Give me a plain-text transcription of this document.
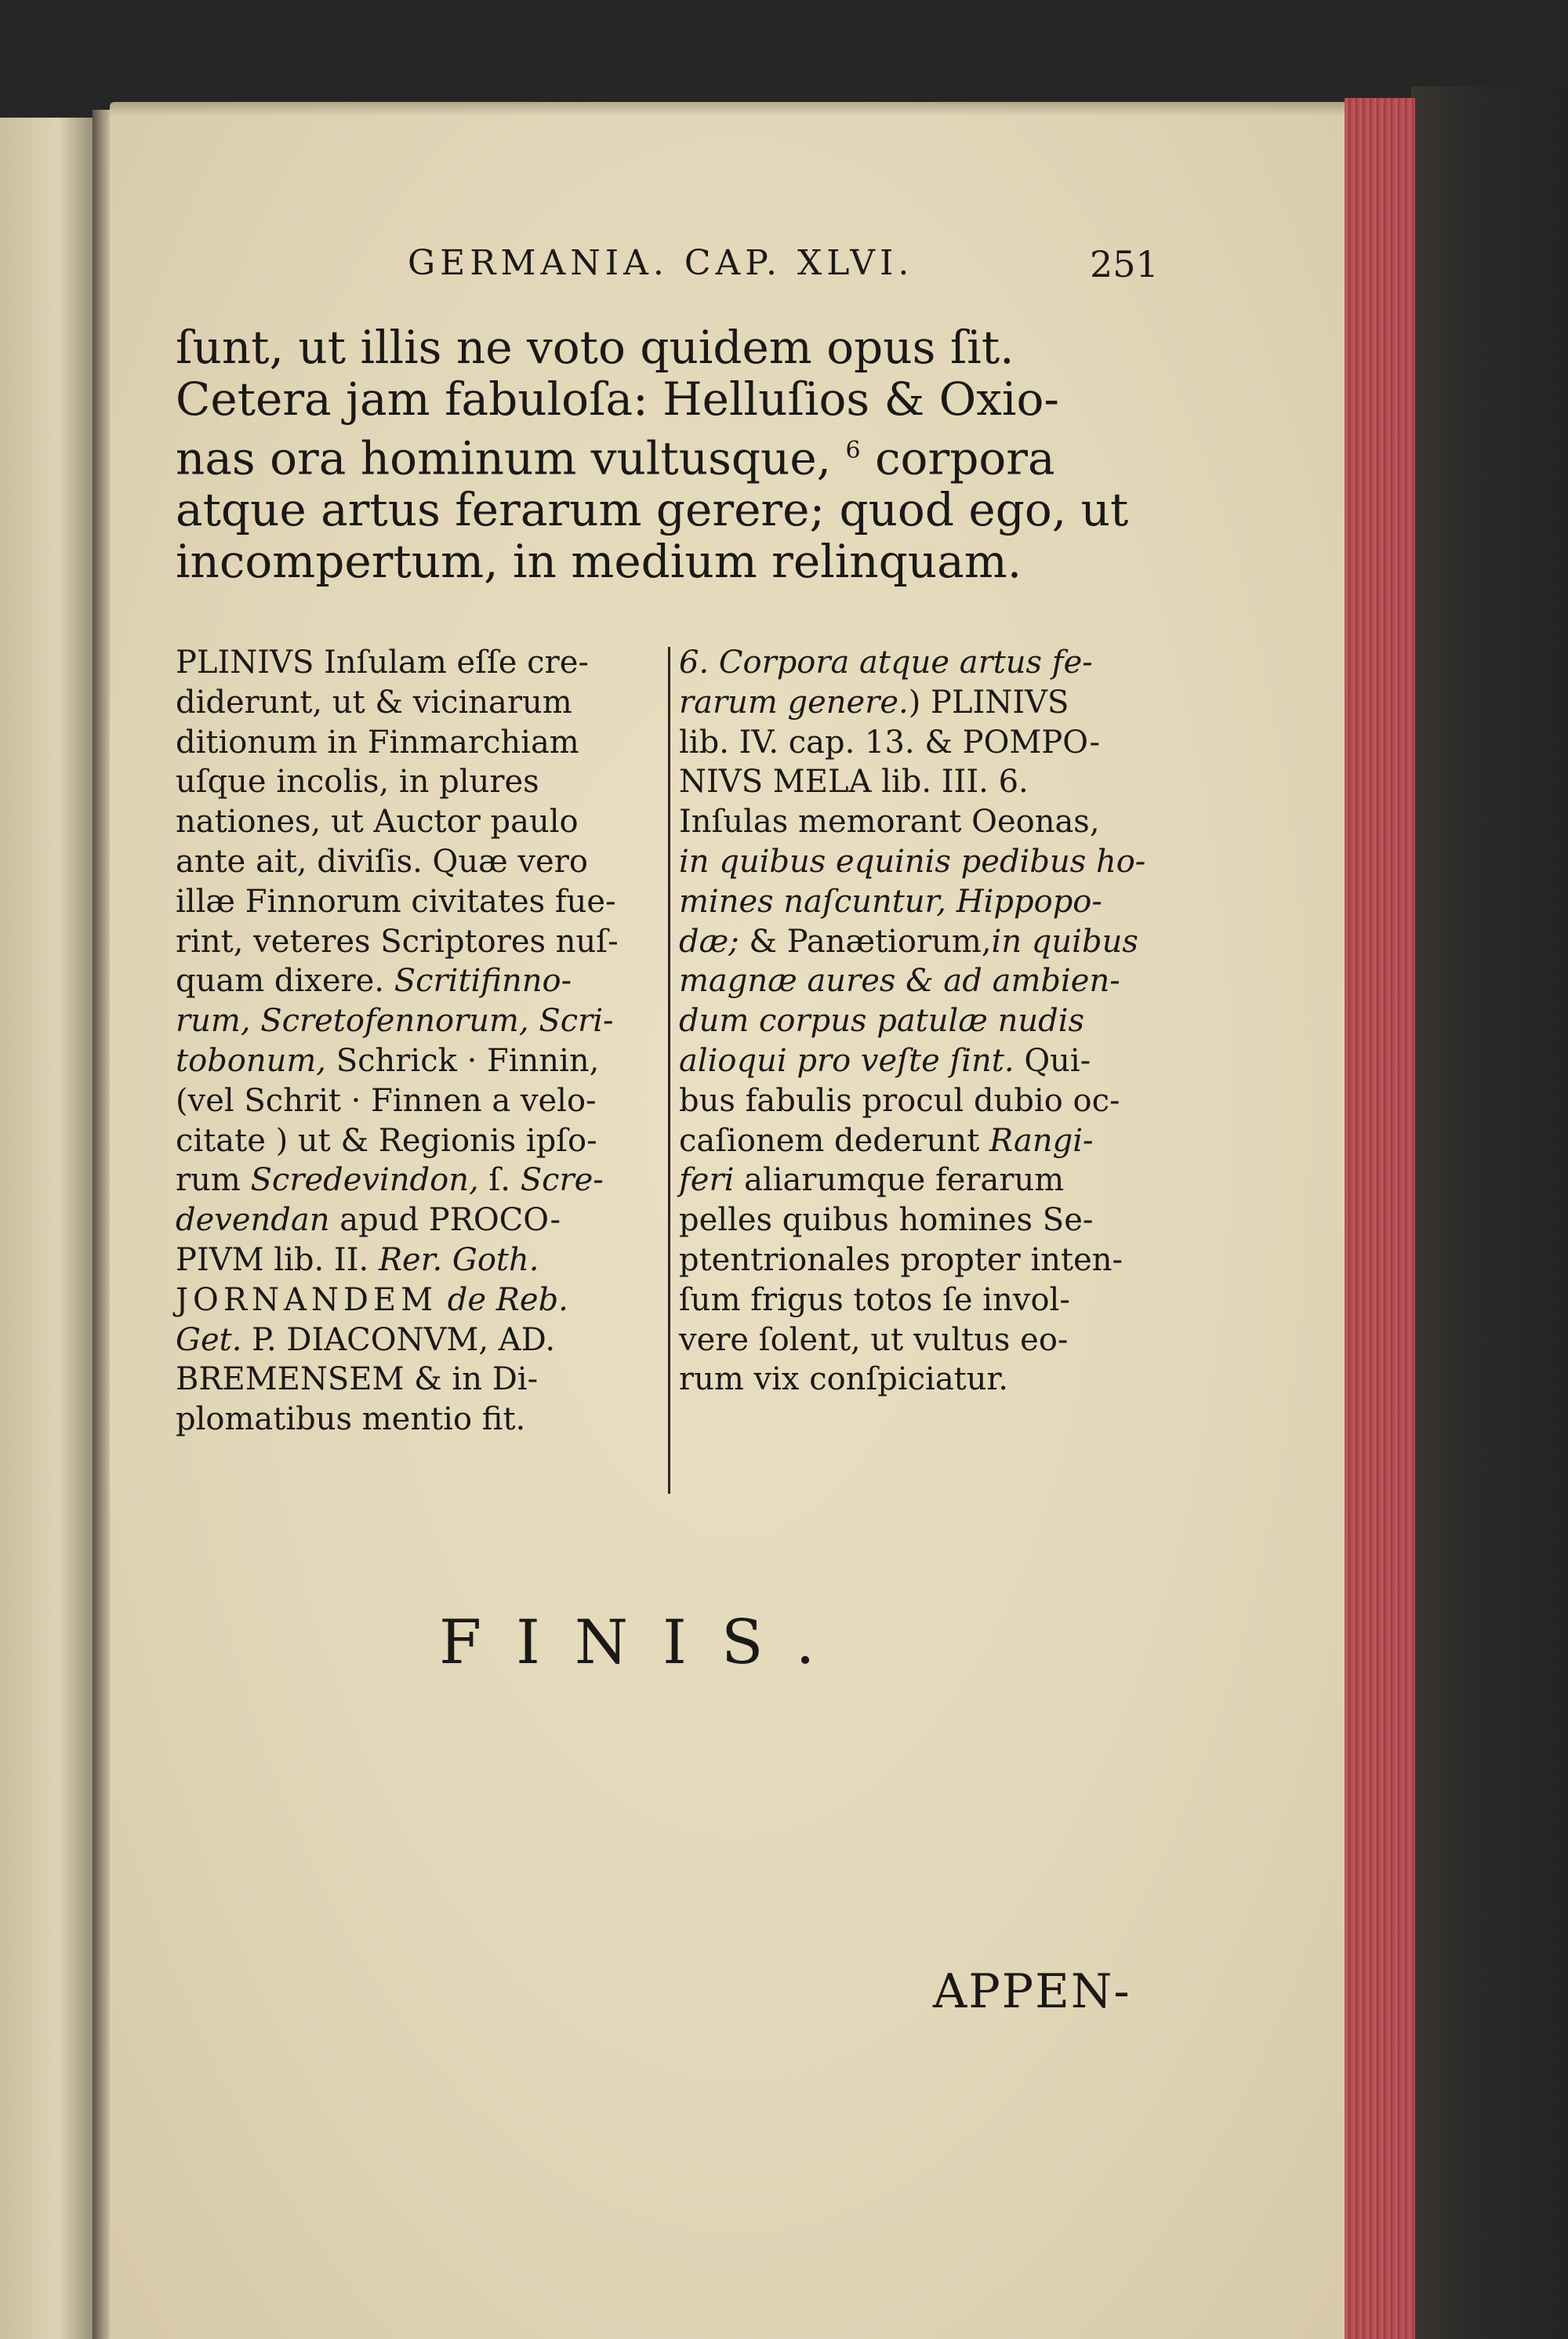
GERMANIA. CAP. XLVI.	251
ſunt, ut illis ne voto quidem opus ſit.
Cetera jam fabuloſa: Helluſios & Oxio-
nas ora hominum vultusque, $^6$ corpora
atque artus ferarum gerere; quod ego, ut
incompertum, in medium relinquam.
PLINIVS Inſulam eſſe cre-
diderunt, ut & vicinarum
ditionum in Finmarchiam
uſque incolis, in plures
nationes, ut Auctor paulo
ante ait, diviſis. Quæ vero
illæ Finnorum civitates fue-
rint, veteres Scriptores nuſ-
quam dixere. Scritifinno-
rum, Scretofennorum, Scri-
tobonum, Schrick · Finnin,
(vel Schrit · Finnen a velo-
citate ) ut & Regionis ipſo-
rum Scredevindon, ſ. Scre-
devendan apud PROCO-
PIVM lib. II. Rer. Goth.
JORNANDEM de Reb.
Get. P. DIACONVM, AD.
BREMENSEM & in Di-
plomatibus mentio fit.
6. Corpora atque artus fe-
rarum genere.) PLINIVS
lib. IV. cap. 13. & POMPO-
NIVS MELA lib. III. 6.
Inſulas memorant Oeonas,
in quibus equinis pedibus ho-
mines naſcuntur, Hippopo-
dæ; & Panætiorum,in quibus
magnæ aures & ad ambien-
dum corpus patulæ nudis
alioqui pro veſte ſint. Qui-
bus fabulis procul dubio oc-
caſionem dederunt Rangi-
feri aliarumque ferarum
pelles quibus homines Se-
ptentrionales propter inten-
ſum frigus totos ſe invol-
vere ſolent, ut vultus eo-
rum vix conſpiciatur.
FINIS.
APPEN-
